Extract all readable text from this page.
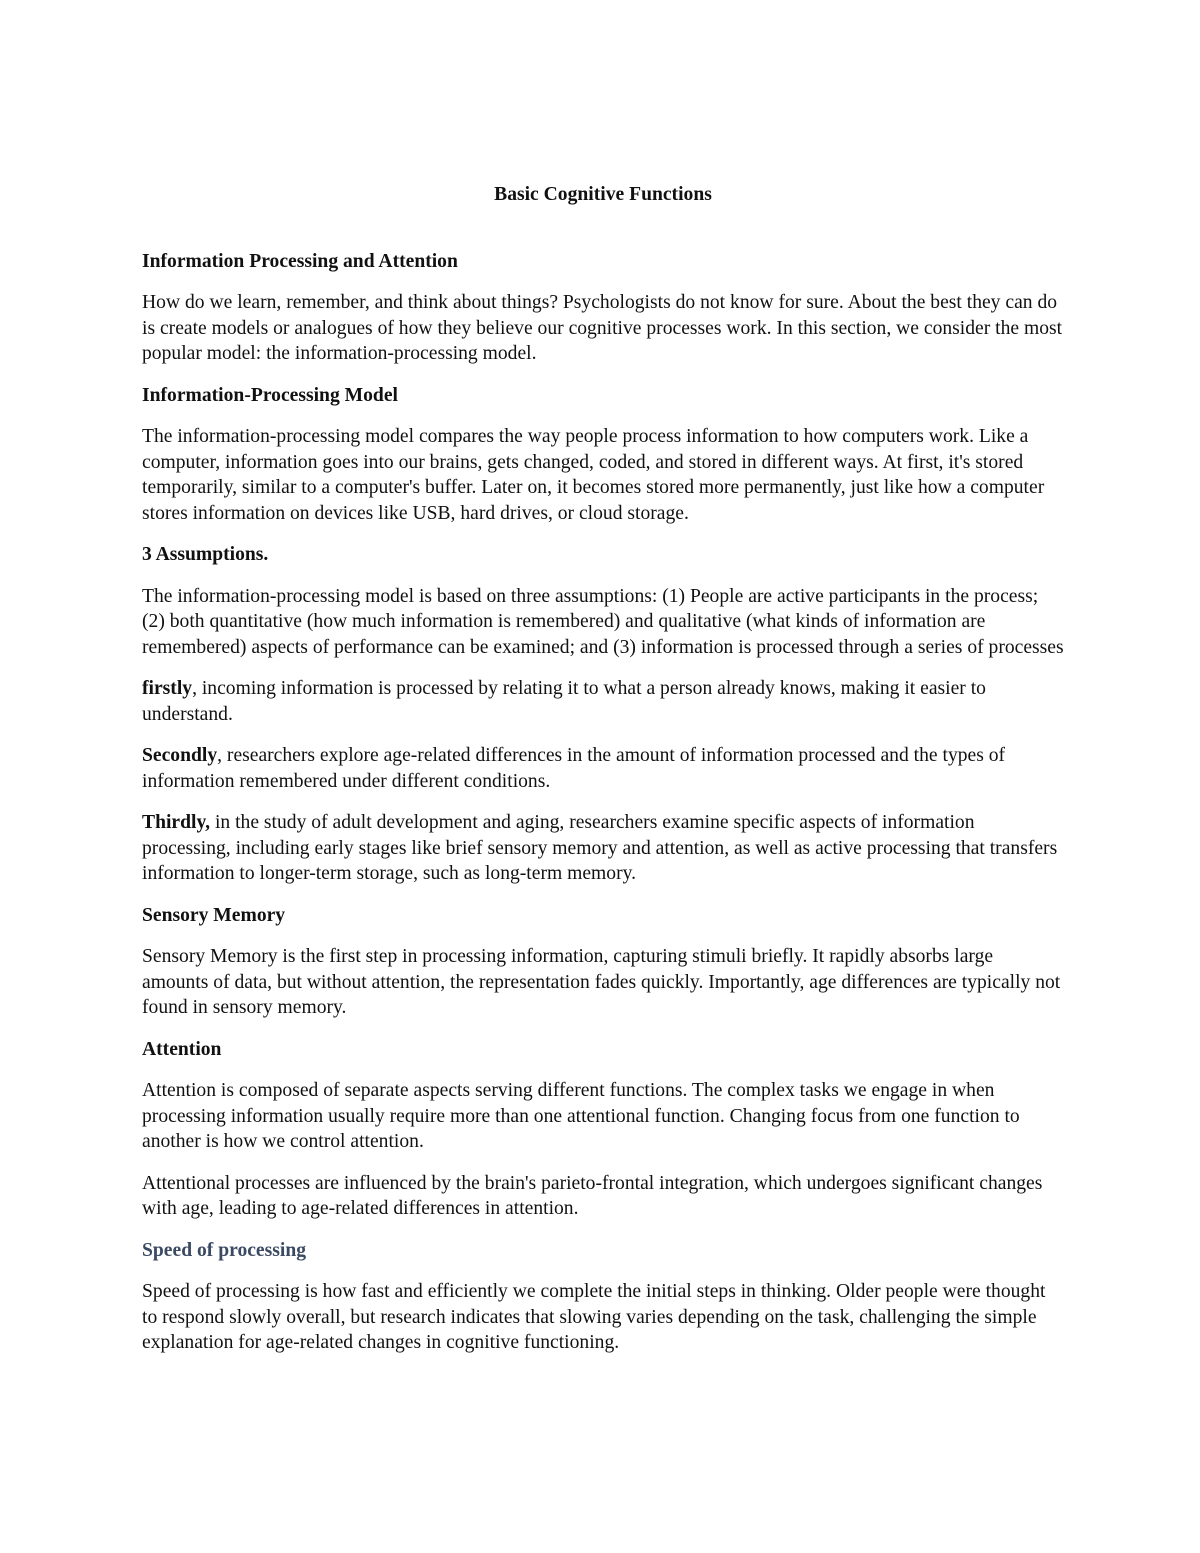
Basic Cognitive Functions
Information Processing and Attention

How do we learn, remember, and think about things? Psychologists do not know for sure. About the best they can do is create models or analogues of how they believe our cognitive processes work. In this section, we consider the most popular model: the information-processing model.

Information-Processing Model

The information-processing model compares the way people process information to how computers work. Like a computer, information goes into our brains, gets changed, coded, and stored in different ways. At first, it's stored temporarily, similar to a computer's buffer. Later on, it becomes stored more permanently, just like how a computer stores information on devices like USB, hard drives, or cloud storage.

3 Assumptions.

The information-processing model is based on three assumptions: (1) People are active participants in the process; (2) both quantitative (how much information is remembered) and qualitative (what kinds of information are remembered) aspects of performance can be examined; and (3) information is processed through a series of processes

firstly, incoming information is processed by relating it to what a person already knows, making it easier to understand.

Secondly, researchers explore age-related differences in the amount of information processed and the types of information remembered under different conditions.

Thirdly, in the study of adult development and aging, researchers examine specific aspects of information processing, including early stages like brief sensory memory and attention, as well as active processing that transfers information to longer-term storage, such as long-term memory.

Sensory Memory

Sensory Memory is the first step in processing information, capturing stimuli briefly. It rapidly absorbs large amounts of data, but without attention, the representation fades quickly. Importantly, age differences are typically not found in sensory memory.

Attention

Attention is composed of separate aspects serving different functions. The complex tasks we engage in when processing information usually require more than one attentional function. Changing focus from one function to another is how we control attention.

Attentional processes are influenced by the brain's parieto-frontal integration, which undergoes significant changes with age, leading to age-related differences in attention.

Speed of processing

Speed of processing is how fast and efficiently we complete the initial steps in thinking. Older people were thought to respond slowly overall, but research indicates that slowing varies depending on the task, challenging the simple explanation for age-related changes in cognitive functioning.
